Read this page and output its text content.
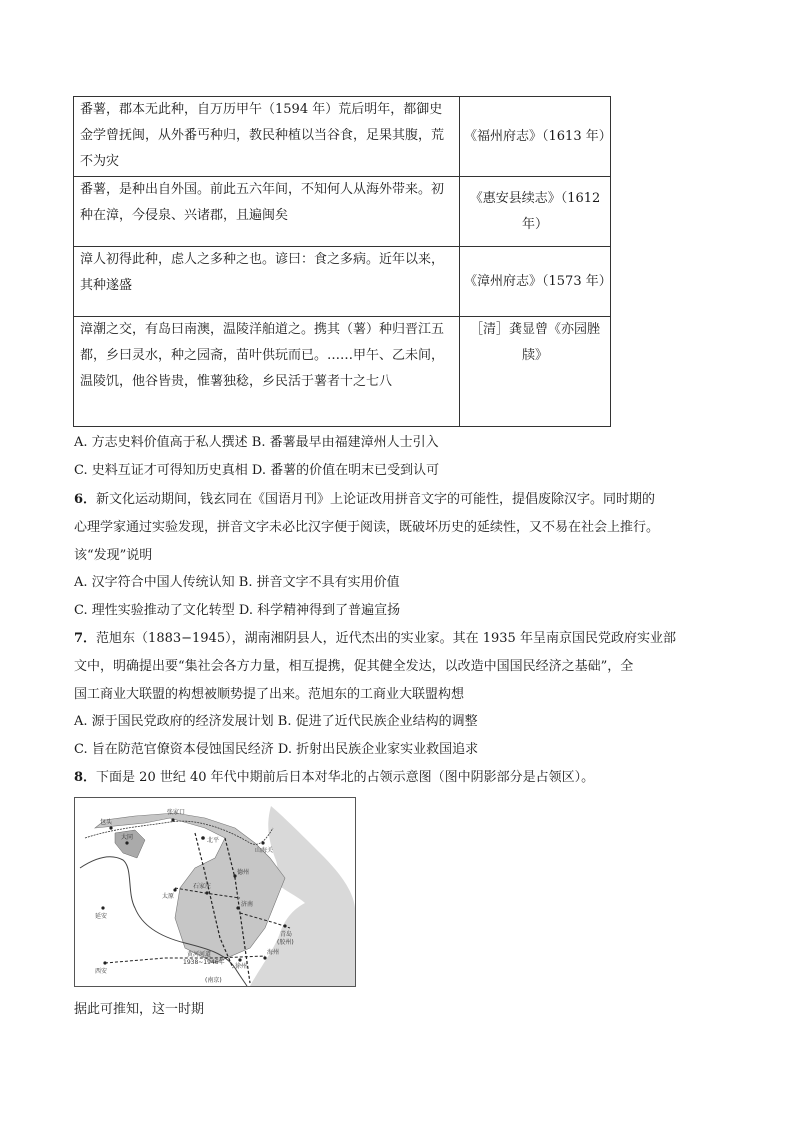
番薯，郡本无此种，自万历甲午（1594 年）荒后明年，都御史金学曾抚闽，从外番丐种归，教民种植以当谷食，足果其腹，荒不为灾	《福州府志》（1613 年）
番薯，是种出自外国。前此五六年间，不知何人从海外带来。初种在漳，今侵泉、兴诸郡，且遍闽矣	《惠安县续志》（1612 年）
漳人初得此种，虑人之多种之也。谚曰：食之多病。近年以来，其种遂盛	《漳州府志》（1573 年）
漳潮之交，有岛曰南澳，温陵洋舶道之。携其（薯）种归晋江五都，乡曰灵水，种之园斋，苗叶供玩而已。……甲午、乙未间，温陵饥，他谷皆贵，惟薯独稔，乡民活于薯者十之七八	［清］龚显曾《亦园脞牍》
A. 方志史料价值高于私人撰述 B. 番薯最早由福建漳州人士引入
C. 史料互证才可得知历史真相 D. 番薯的价值在明末已受到认可
6．新文化运动期间，钱玄同在《国语月刊》上论证改用拼音文字的可能性，提倡废除汉字。同时期的
心理学家通过实验发现，拼音文字未必比汉字便于阅读，既破坏历史的延续性，又不易在社会上推行。
该“发现”说明
A. 汉字符合中国人传统认知 B. 拼音文字不具有实用价值
C. 理性实验推动了文化转型 D. 科学精神得到了普遍宣扬
7．范旭东（1883−1945），湖南湘阴县人，近代杰出的实业家。其在 1935 年呈南京国民党政府实业部
文中，明确提出要“集社会各方力量，相互提携，促其健全发达，以改造中国国民经济之基础”，全
国工商业大联盟的构想被顺势提了出来。范旭东的工商业大联盟构想
A. 源于国民党政府的经济发展计划 B. 促进了近代民族企业结构的调整
C. 旨在防范官僚资本侵蚀国民经济 D. 折射出民族企业家实业救国追求
8．下面是 20 世纪 40 年代中期前后日本对华北的占领示意图（图中阴影部分是占领区）。
包头
张家口
大同	北平
山海关
太原
石家庄
德州
济南
延安
青岛
(胶州)
西安
海州
徐州
黄河河道
1938~1946年
(南京)
据此可推知，这一时期
